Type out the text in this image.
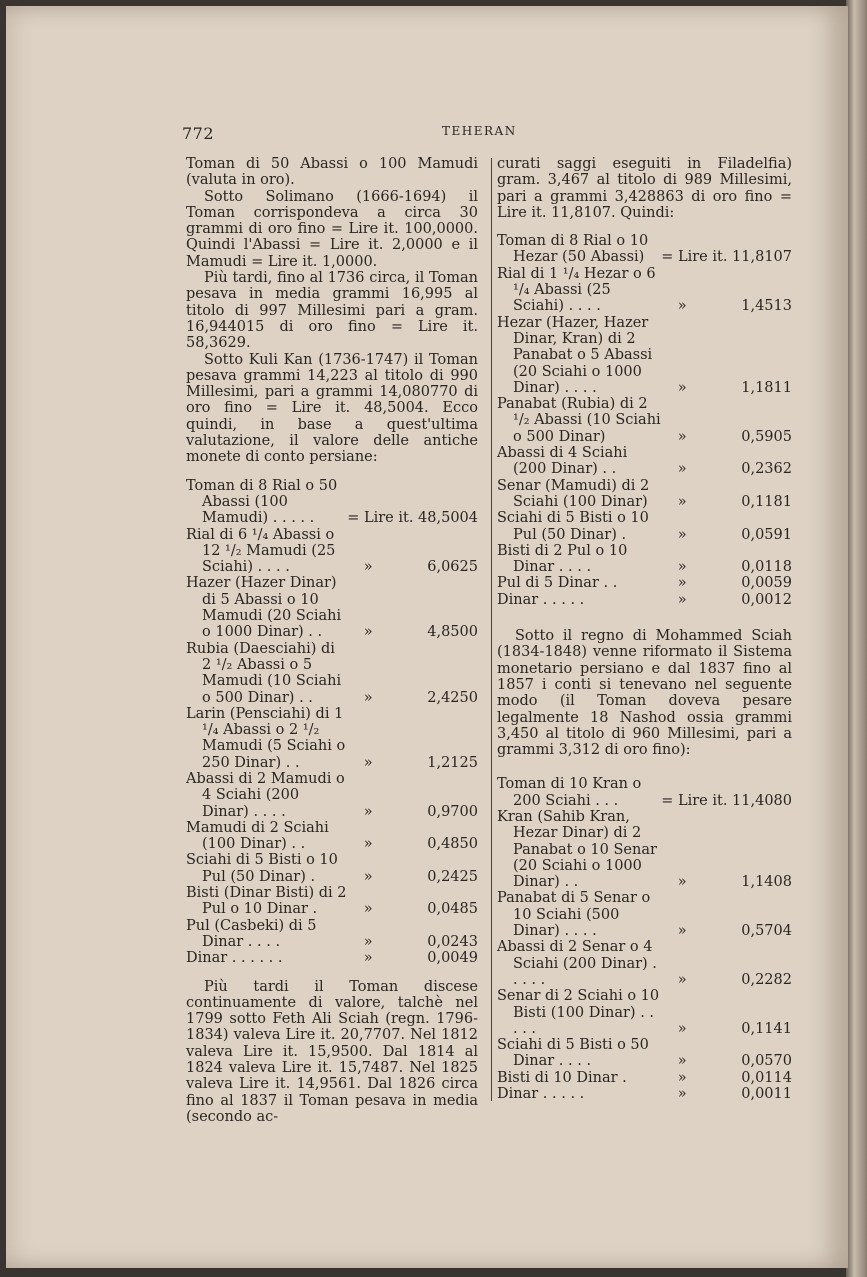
772	TEHERAN

Toman di 50 Abassi o 100 Mamudi (valuta in oro).

Sotto Solimano (1666-1694) il Toman corrispondeva a circa 30 grammi di oro fino = Lire it. 100,0000. Quindi l'Abassi = Lire it. 2,0000 e il Mamudi = Lire it. 1,0000.

Più tardi, fino al 1736 circa, il Toman pesava in media grammi 16,995 al titolo di 997 Millesimi pari a gram. 16,944015 di oro fino = Lire it. 58,3629.

Sotto Kuli Kan (1736-1747) il Toman pesava grammi 14,223 al titolo di 990 Millesimi, pari a grammi 14,080770 di oro fino = Lire it. 48,5004. Ecco quindi, in base a quest'ultima valutazione, il valore delle antiche monete di conto persiane:

Toman di 8 Rial o 50 Abassi (100 Mamudi) . . . . .	= Lire it. 48,5004	
Rial di 6 ¹/₄ Abassi o 12 ¹/₂ Mamudi (25 Sciahi) . . . .	»	6,0625
Hazer (Hazer Dinar) di 5 Abassi o 10 Mamudi (20 Sciahi o 1000 Dinar) . .	»	4,8500
Rubia (Daesciahi) di 2 ¹/₂ Abassi o 5 Mamudi (10 Sciahi o 500 Dinar) . .	»	2,4250
Larin (Pensciahi) di 1 ¹/₄ Abassi o 2 ¹/₂ Mamudi (5 Sciahi o 250 Dinar) . .	»	1,2125
Abassi di 2 Mamudi o 4 Sciahi (200 Dinar) . . . .	»	0,9700
Mamudi di 2 Sciahi (100 Dinar) . .	»	0,4850
Sciahi di 5 Bisti o 10 Pul (50 Dinar) .	»	0,2425
Bisti (Dinar Bisti) di 2 Pul o 10 Dinar .	»	0,0485
Pul (Casbeki) di 5 Dinar . . . .	»	0,0243
Dinar . . . . . .	»	0,0049

Più tardi il Toman discese continuamente di valore, talchè nel 1799 sotto Feth Ali Sciah (regn. 1796-1834) valeva Lire it. 20,7707. Nel 1812 valeva Lire it. 15,9500. Dal 1814 al 1824 valeva Lire it. 15,7487. Nel 1825 valeva Lire it. 14,9561. Dal 1826 circa fino al 1837 il Toman pesava in media (secondo ac-

curati saggi eseguiti in Filadelfia) gram. 3,467 al titolo di 989 Millesimi, pari a grammi 3,428863 di oro fino = Lire it. 11,8107. Quindi:

Toman di 8 Rial o 10 Hezar (50 Abassi)	= Lire it. 11,8107	
Rial di 1 ¹/₄ Hezar o 6 ¹/₄ Abassi (25 Sciahi) . . . .	»	1,4513
Hezar (Hazer, Hazer Dinar, Kran) di 2 Panabat o 5 Abassi (20 Sciahi o 1000 Dinar) . . . .	»	1,1811
Panabat (Rubia) di 2 ¹/₂ Abassi (10 Sciahi o 500 Dinar)	»	0,5905
Abassi di 4 Sciahi (200 Dinar) . .	»	0,2362
Senar (Mamudi) di 2 Sciahi (100 Dinar)	»	0,1181
Sciahi di 5 Bisti o 10 Pul (50 Dinar) .	»	0,0591
Bisti di 2 Pul o 10 Dinar . . . .	»	0,0118
Pul di 5 Dinar . .	»	0,0059
Dinar . . . . .	»	0,0012

Sotto il regno di Mohammed Sciah (1834-1848) venne riformato il Sistema monetario persiano e dal 1837 fino al 1857 i conti si tenevano nel seguente modo (il Toman doveva pesare legalmente 18 Nashod ossia grammi 3,450 al titolo di 960 Millesimi, pari a grammi 3,312 di oro fino):

Toman di 10 Kran o 200 Sciahi . . .	= Lire it. 11,4080	
Kran (Sahib Kran, Hezar Dinar) di 2 Panabat o 10 Senar (20 Sciahi o 1000 Dinar) . .	»	1,1408
Panabat di 5 Senar o 10 Sciahi (500 Dinar) . . . .	»	0,5704
Abassi di 2 Senar o 4 Sciahi (200 Dinar) . . . . .	»	0,2282
Senar di 2 Sciahi o 10 Bisti (100 Dinar) . . . . .	»	0,1141
Sciahi di 5 Bisti o 50 Dinar . . . .	»	0,0570
Bisti di 10 Dinar .	»	0,0114
Dinar . . . . .	»	0,0011
